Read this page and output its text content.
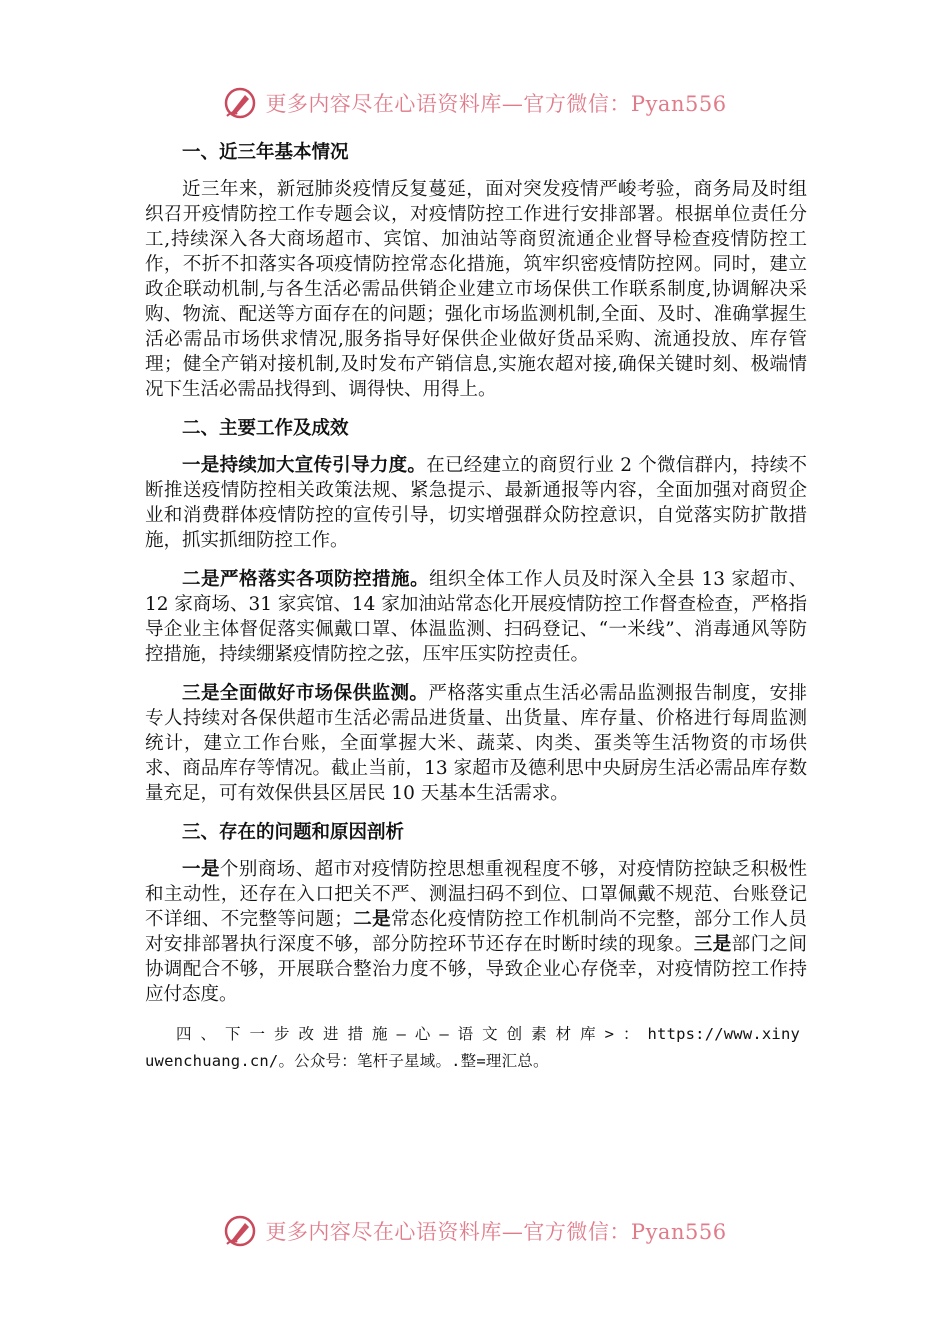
更多内容尽在心语资料库—官方微信：Pyan556

一、近三年基本情况

近三年来，新冠肺炎疫情反复蔓延，面对突发疫情严峻考验，商务局及时组织召开疫情防控工作专题会议，对疫情防控工作进行安排部署。根据单位责任分工,持续深入各大商场超市、宾馆、加油站等商贸流通企业督导检查疫情防控工作，不折不扣落实各项疫情防控常态化措施，筑牢织密疫情防控网。同时，建立政企联动机制,与各生活必需品供销企业建立市场保供工作联系制度,协调解决采购、物流、配送等方面存在的问题；强化市场监测机制,全面、及时、准确掌握生活必需品市场供求情况,服务指导好保供企业做好货品采购、流通投放、库存管理；健全产销对接机制,及时发布产销信息,实施农超对接,确保关键时刻、极端情况下生活必需品找得到、调得快、用得上。

二、主要工作及成效

一是持续加大宣传引导力度。在已经建立的商贸行业 2 个微信群内，持续不断推送疫情防控相关政策法规、紧急提示、最新通报等内容，全面加强对商贸企业和消费群体疫情防控的宣传引导，切实增强群众防控意识，自觉落实防扩散措施，抓实抓细防控工作。

二是严格落实各项防控措施。组织全体工作人员及时深入全县 13 家超市、12 家商场、31 家宾馆、14 家加油站常态化开展疫情防控工作督查检查，严格指导企业主体督促落实佩戴口罩、体温监测、扫码登记、“一米线”、消毒通风等防控措施，持续绷紧疫情防控之弦，压牢压实防控责任。

三是全面做好市场保供监测。严格落实重点生活必需品监测报告制度，安排专人持续对各保供超市生活必需品进货量、出货量、库存量、价格进行每周监测统计，建立工作台账，全面掌握大米、蔬菜、肉类、蛋类等生活物资的市场供求、商品库存等情况。截止当前，13 家超市及德利思中央厨房生活必需品库存数量充足，可有效保供县区居民 10 天基本生活需求。

三、存在的问题和原因剖析

一是个别商场、超市对疫情防控思想重视程度不够，对疫情防控缺乏积极性和主动性，还存在入口把关不严、测温扫码不到位、口罩佩戴不规范、台账登记不详细、不完整等问题；二是常态化疫情防控工作机制尚不完整，部分工作人员对安排部署执行深度不够，部分防控环节还存在时断时续的现象。三是部门之间协调配合不够，开展联合整治力度不够，导致企业心存侥幸，对疫情防控工作持应付态度。

四、下一步改进措施—心—语文创素材库>：https://www.xinyuwenchuang.cn/。公众号：笔杆子星域。.整=理汇总。

更多内容尽在心语资料库—官方微信：Pyan556
